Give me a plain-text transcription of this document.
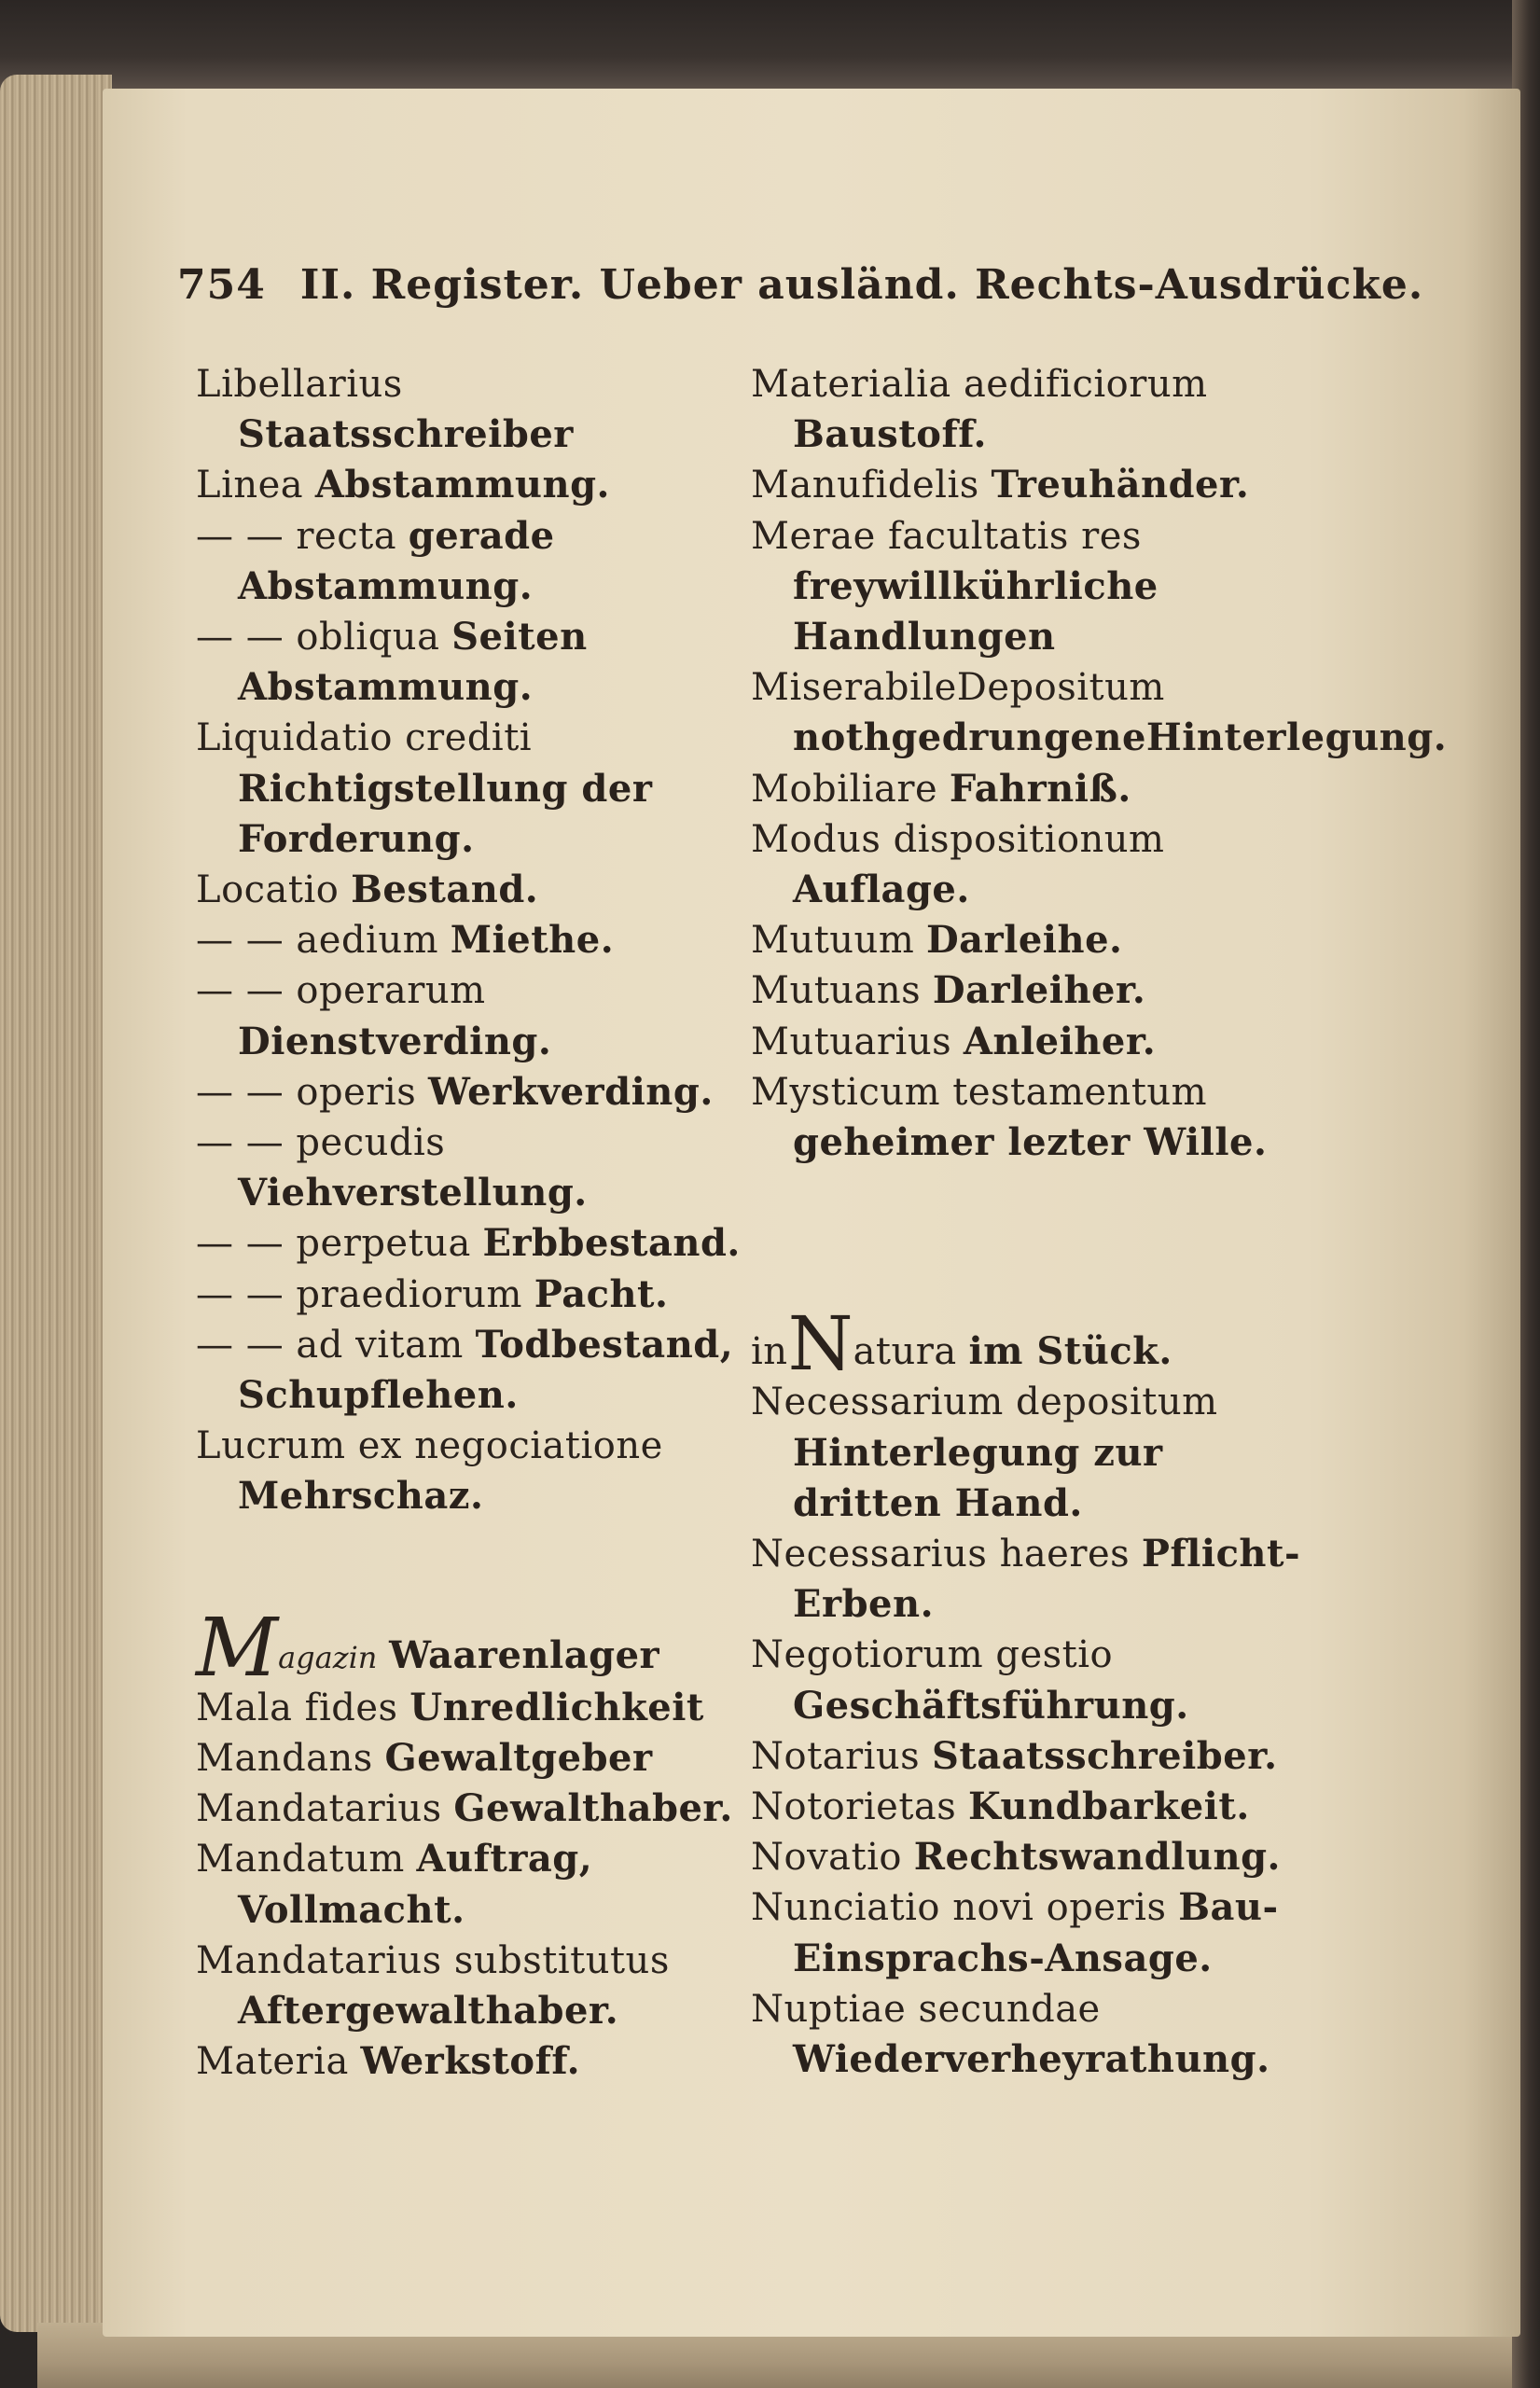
754 II. Register. Ueber ausländ. Rechts-Ausdrücke.

Libellarius Staatsschreiber

Linea Abstammung.

— — recta gerade Abstammung.

— — obliqua Seiten Abstammung.

Liquidatio crediti Richtigstellung der Forderung.

Locatio Bestand.

— — aedium Miethe.

— — operarum Dienstverding.

— — operis Werkverding.

— — pecudis Viehverstellung.

— — perpetua Erbbestand.

— — praediorum Pacht.

— — ad vitam Todbestand, Schupflehen.

Lucrum ex negociatione Mehrschaz.

Magazin Waarenlager

Mala fides Unredlichkeit

Mandans Gewaltgeber

Mandatarius Gewalthaber.

Mandatum Auftrag, Vollmacht.

Mandatarius substitutus Aftergewalthaber.

Materia Werkstoff.

Materialia aedificiorum Baustoff.

Manufidelis Treuhänder.

Merae facultatis res freywillkührliche Handlungen

MiserabileDepositum nothgedrungeneHinterlegung.

Mobiliare Fahrniß.

Modus dispositionum Auflage.

Mutuum Darleihe.

Mutuans Darleiher.

Mutuarius Anleiher.

Mysticum testamentum geheimer lezter Wille.

inNatura im Stück.

Necessarium depositum Hinterlegung zur dritten Hand.

Necessarius haeres Pflicht-Erben.

Negotiorum gestio Geschäftsführung.

Notarius Staatsschreiber.

Notorietas Kundbarkeit.

Novatio Rechtswandlung.

Nunciatio novi operis Bau-Einsprachs-Ansage.

Nuptiae secundae Wiederverheyrathung.
